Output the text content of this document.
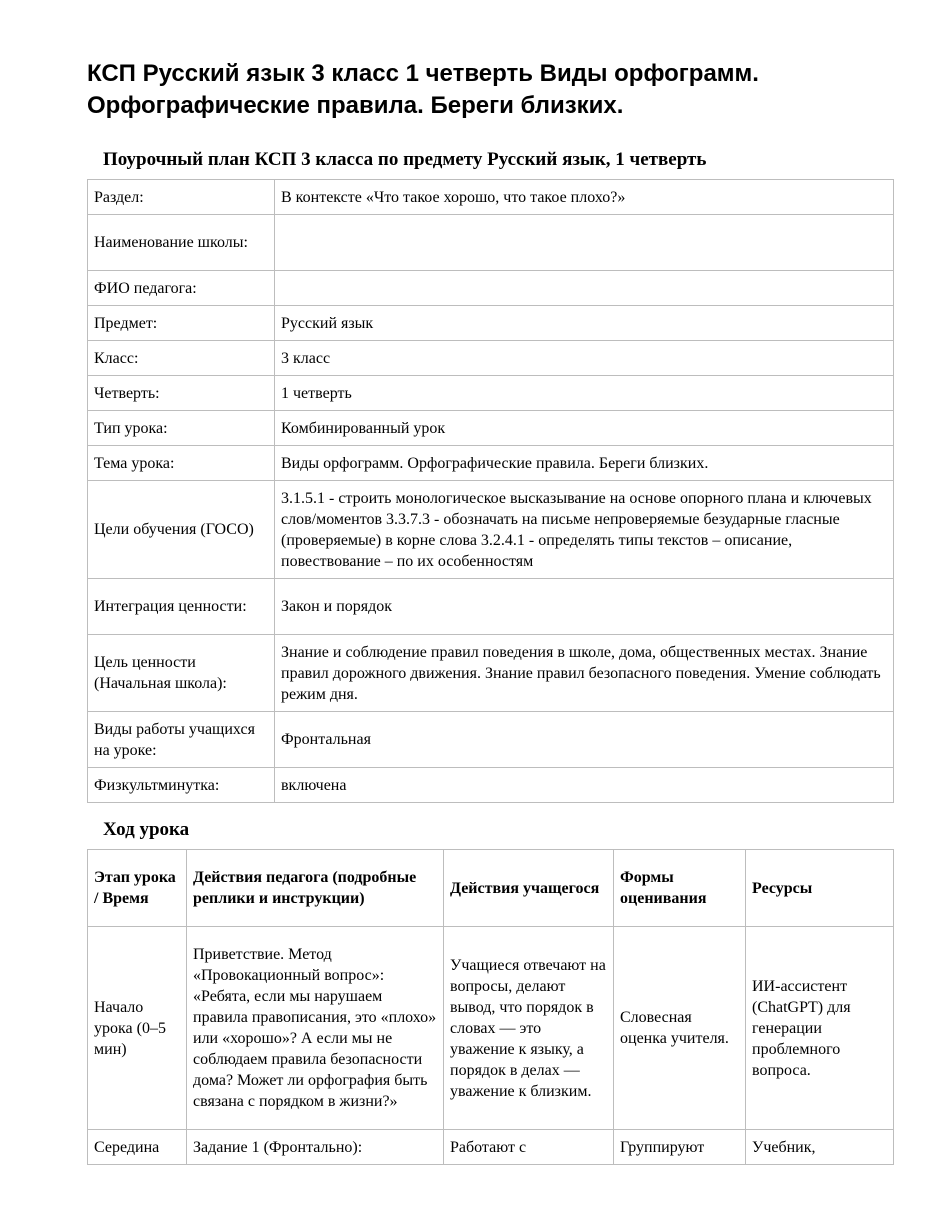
КСП Русский язык 3 класс 1 четверть Виды орфограмм. Орфографические правила. Береги близких.
Поурочный план КСП 3 класса по предмету Русский язык, 1 четверть
Раздел:	В контексте «Что такое хорошо, что такое плохо?»
Наименование школы:	
ФИО педагога:	
Предмет:	Русский язык
Класс:	3 класс
Четверть:	1 четверть
Тип урока:	Комбинированный урок
Тема урока:	Виды орфограмм. Орфографические правила. Береги близких.
Цели обучения (ГОСО)	3.1.5.1 - строить монологическое высказывание на основе опорного плана и ключевых слов/моментов 3.3.7.3 - обозначать на письме непроверяемые безударные гласные (проверяемые) в корне слова 3.2.4.1 - определять типы текстов – описание, повествование – по их особенностям
Интеграция ценности:	Закон и порядок
Цель ценности (Начальная школа):	Знание и соблюдение правил поведения в школе, дома, общественных местах. Знание правил дорожного движения. Знание правил безопасного поведения. Умение соблюдать режим дня.
Виды работы учащихся на уроке:	Фронтальная
Физкультминутка:	включена
Ход урока
Этап урока / Время	Действия педагога (подробные реплики и инструкции)	Действия учащегося	Формы оценивания	Ресурсы
Начало урока (0–5 мин)	Приветствие. Метод «Провокационный вопрос»: «Ребята, если мы нарушаем правила правописания, это «плохо» или «хорошо»? А если мы не соблюдаем правила безопасности дома? Может ли орфография быть связана с порядком в жизни?»	Учащиеся отвечают на вопросы, делают вывод, что порядок в словах — это уважение к языку, а порядок в делах — уважение к близким.	Словесная оценка учителя.	ИИ-ассистент (ChatGPT) для генерации проблемного вопроса.
Середина	Задание 1 (Фронтально):	Работают с	Группируют	Учебник,
